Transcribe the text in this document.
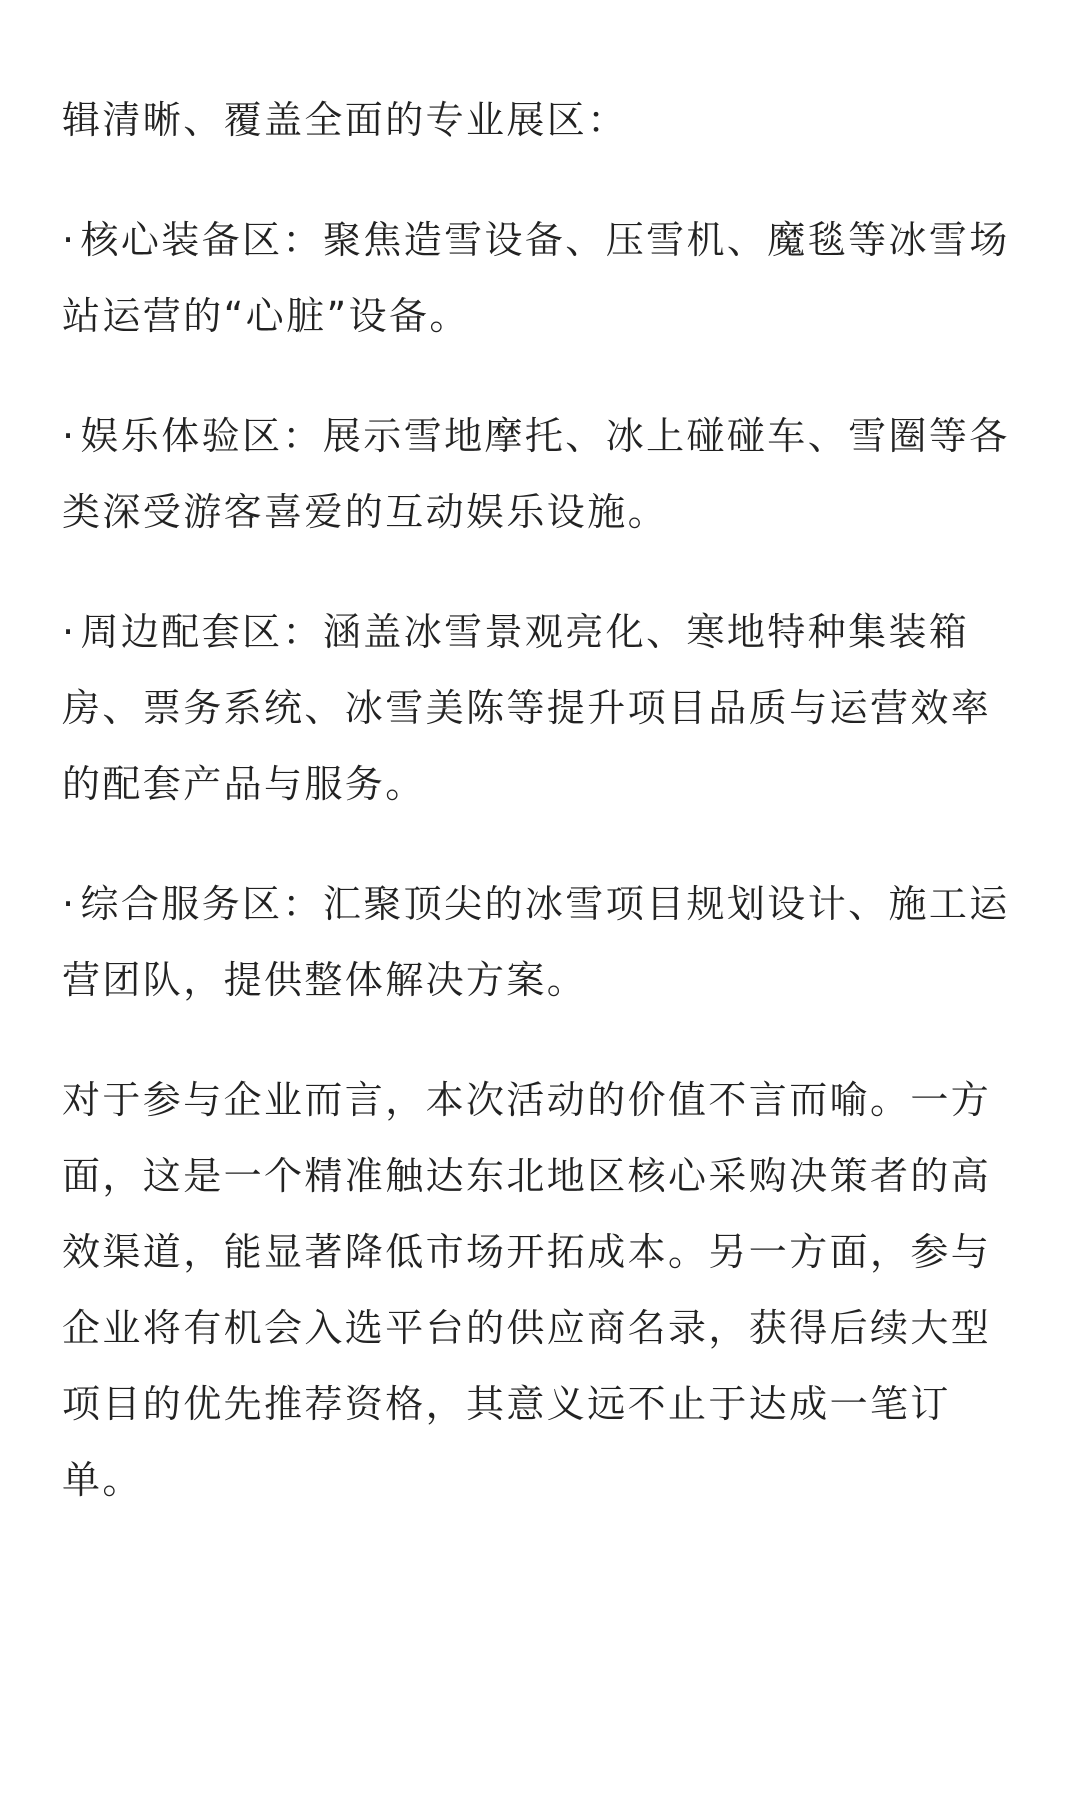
辑清晰、覆盖全面的专业展区：

· 核心装备区：聚焦造雪设备、压雪机、魔毯等冰雪场站运营的“心脏”设备。

· 娱乐体验区：展示雪地摩托、冰上碰碰车、雪圈等各类深受游客喜爱的互动娱乐设施。

· 周边配套区：涵盖冰雪景观亮化、寒地特种集装箱房、票务系统、冰雪美陈等提升项目品质与运营效率的配套产品与服务。

· 综合服务区：汇聚顶尖的冰雪项目规划设计、施工运营团队，提供整体解决方案。

对于参与企业而言，本次活动的价值不言而喻。一方面，这是一个精准触达东北地区核心采购决策者的高效渠道，能显著降低市场开拓成本。另一方面，参与企业将有机会入选平台的供应商名录，获得后续大型项目的优先推荐资格，其意义远不止于达成一笔订单。
